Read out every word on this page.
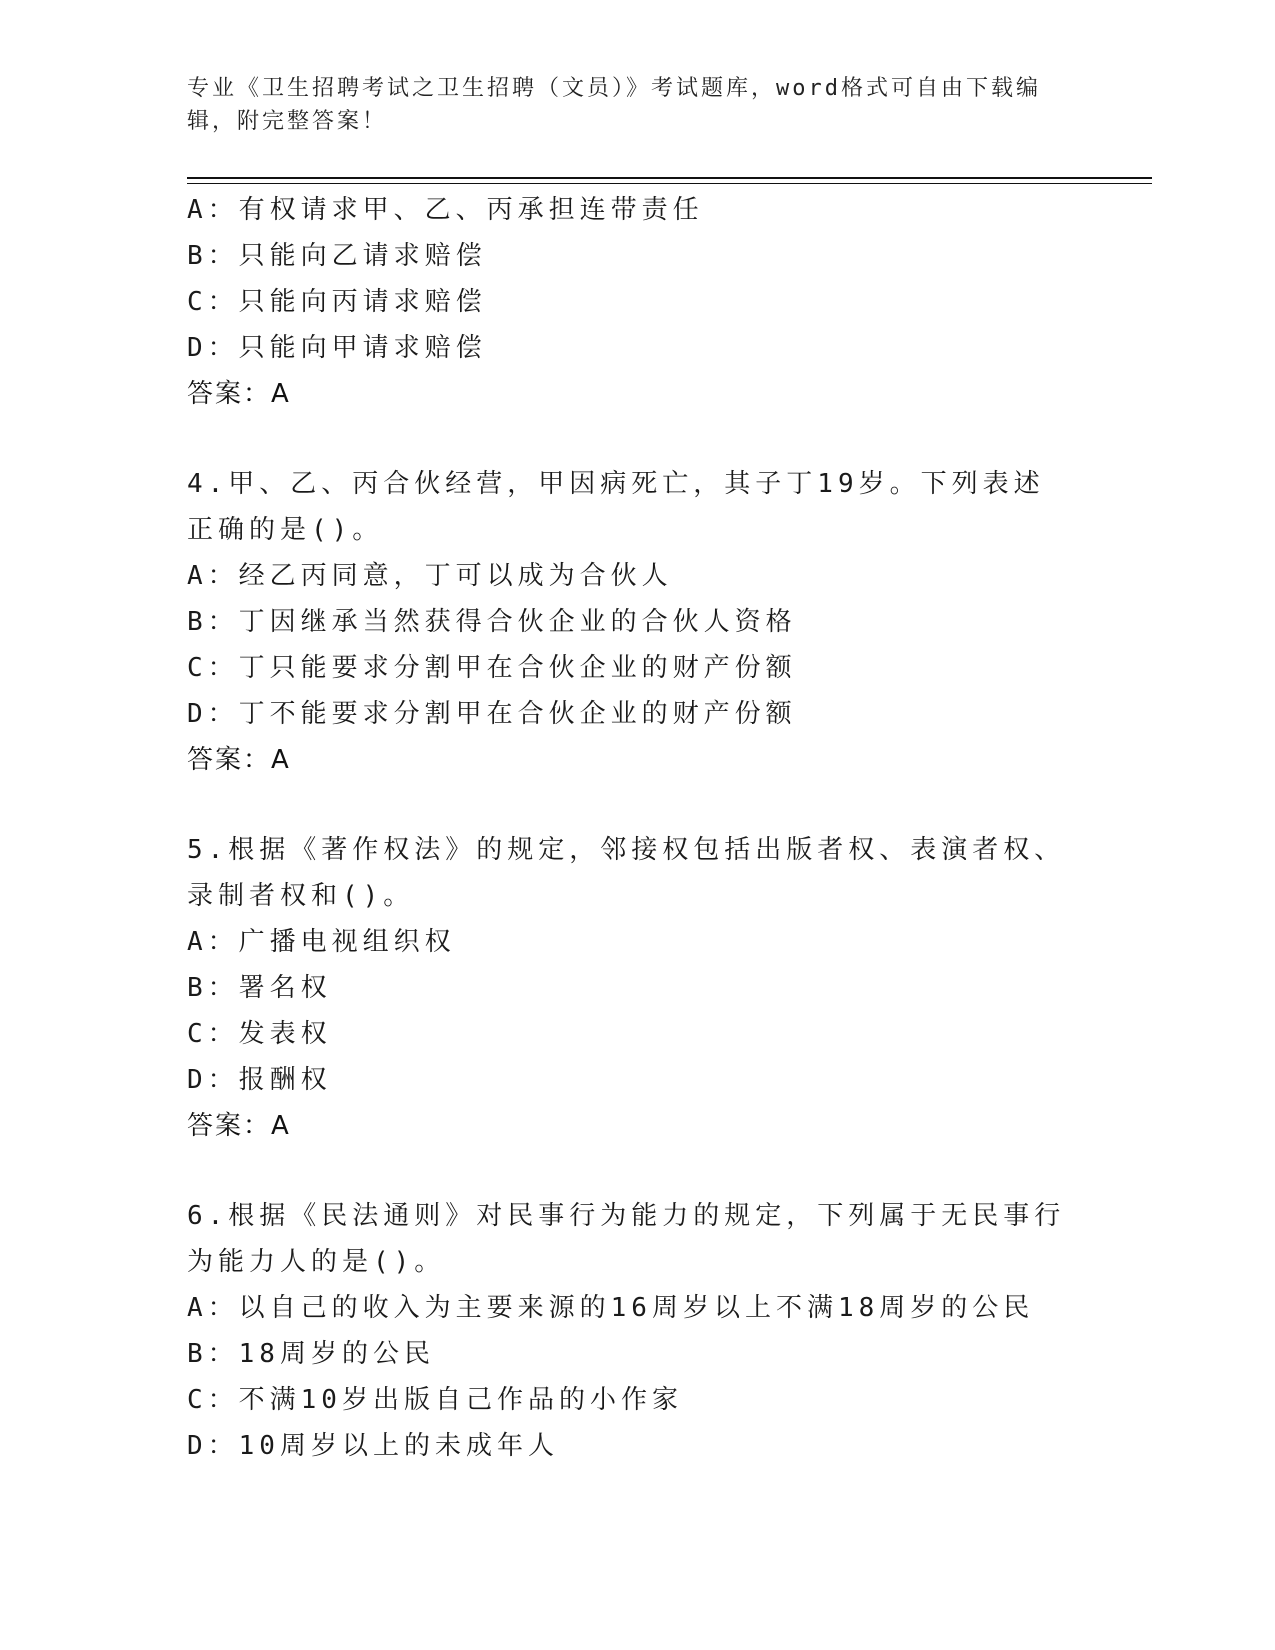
专业《卫生招聘考试之卫生招聘（文员）》考试题库，word格式可自由下载编辑，附完整答案！
A：有权请求甲、乙、丙承担连带责任
B：只能向乙请求赔偿
C：只能向丙请求赔偿
D：只能向甲请求赔偿
答案：A
4.甲、乙、丙合伙经营，甲因病死亡，其子丁19岁。下列表述正确的是()。
A：经乙丙同意，丁可以成为合伙人
B：丁因继承当然获得合伙企业的合伙人资格
C：丁只能要求分割甲在合伙企业的财产份额
D：丁不能要求分割甲在合伙企业的财产份额
答案：A
5.根据《著作权法》的规定，邻接权包括出版者权、表演者权、录制者权和()。
A：广播电视组织权
B：署名权
C：发表权
D：报酬权
答案：A
6.根据《民法通则》对民事行为能力的规定，下列属于无民事行为能力人的是()。
A：以自己的收入为主要来源的16周岁以上不满18周岁的公民
B：18周岁的公民
C：不满10岁出版自己作品的小作家
D：10周岁以上的未成年人
